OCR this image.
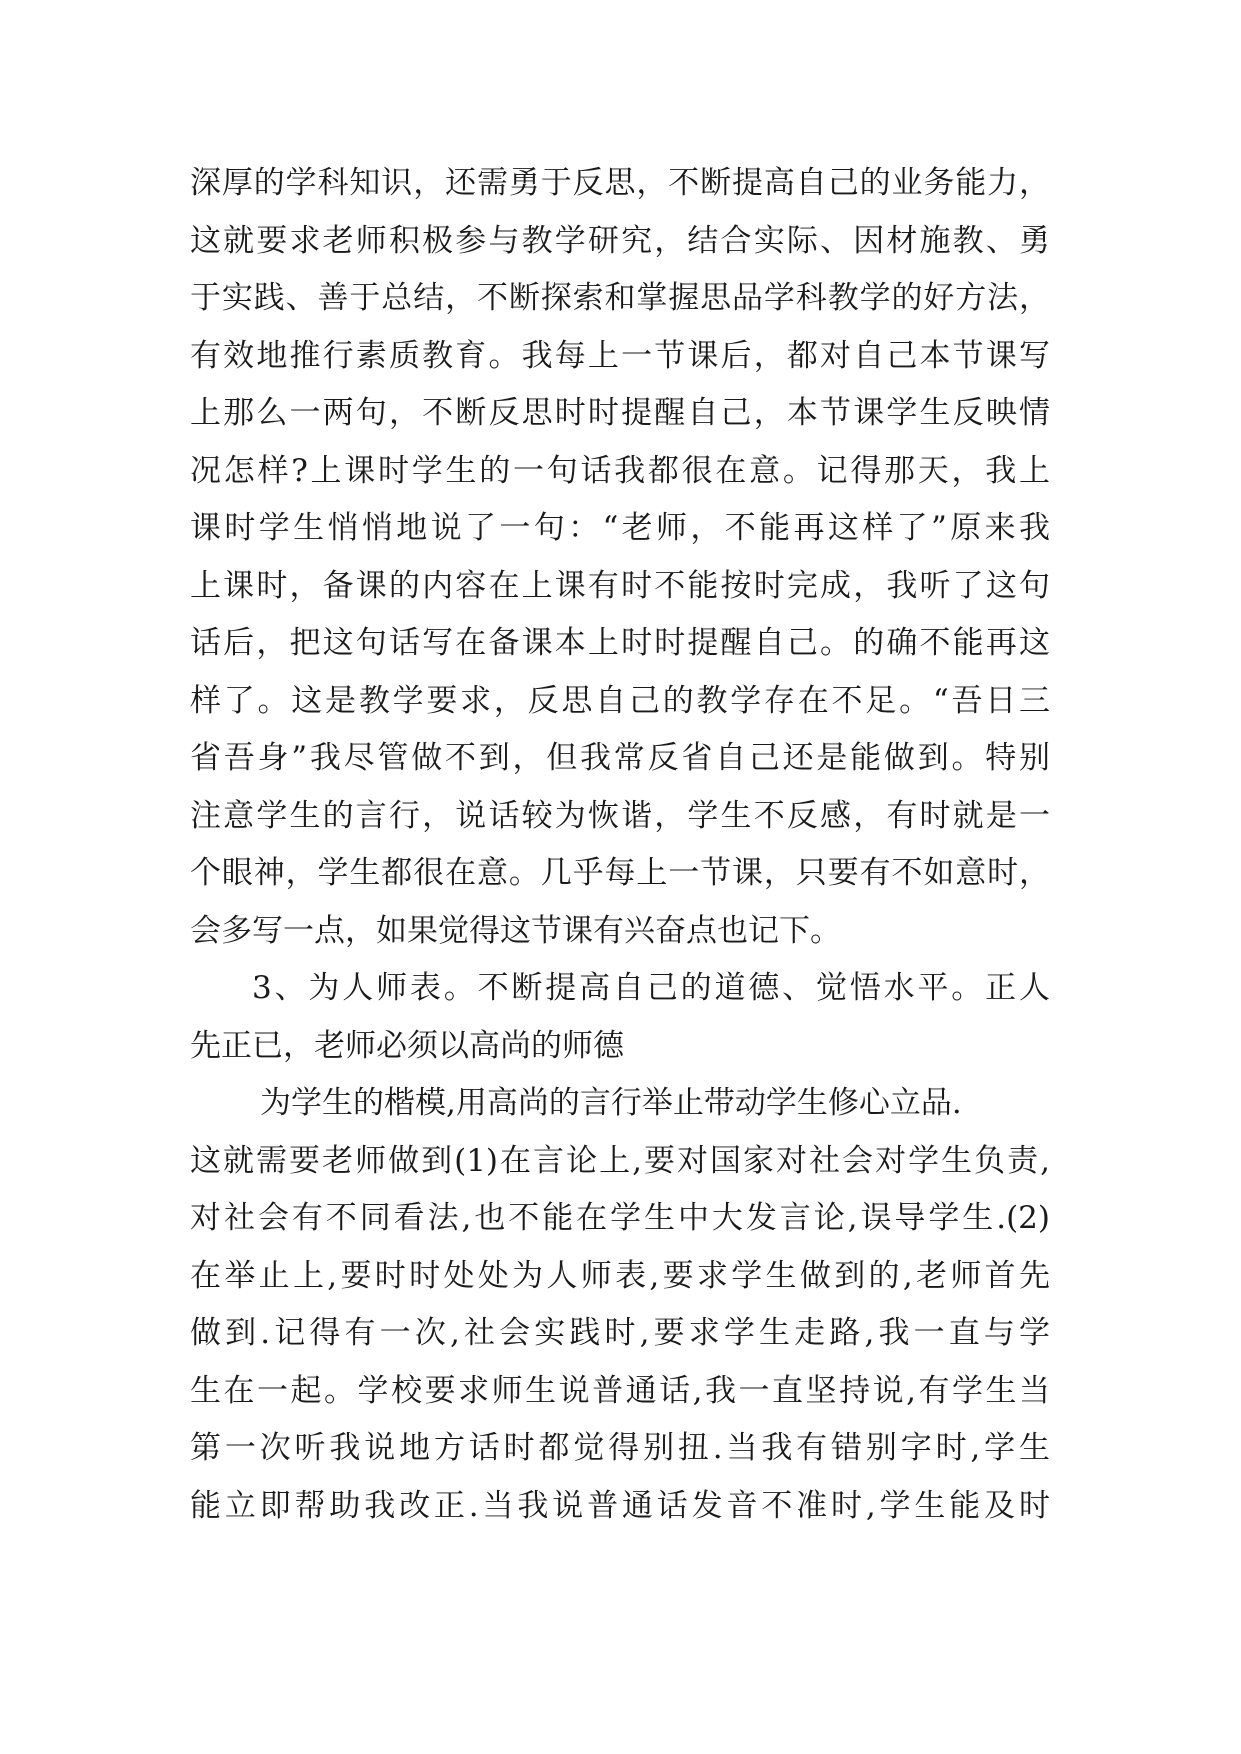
深厚的学科知识，还需勇于反思，不断提高自己的业务能力，
这就要求老师积极参与教学研究，结合实际、因材施教、勇
于实践、善于总结，不断探索和掌握思品学科教学的好方法，
有效地推行素质教育。我每上一节课后，都对自己本节课写
上那么一两句，不断反思时时提醒自己，本节课学生反映情
况怎样?上课时学生的一句话我都很在意。记得那天，我上
课时学生悄悄地说了一句：“老师，不能再这样了”原来我
上课时，备课的内容在上课有时不能按时完成，我听了这句
话后，把这句话写在备课本上时时提醒自己。的确不能再这
样了。这是教学要求，反思自己的教学存在不足。“吾日三
省吾身”我尽管做不到，但我常反省自己还是能做到。特别
注意学生的言行，说话较为恢谐，学生不反感，有时就是一
个眼神，学生都很在意。几乎每上一节课，只要有不如意时，
会多写一点，如果觉得这节课有兴奋点也记下。
3、为人师表。不断提高自己的道德、觉悟水平。正人
先正已，老师必须以高尚的师德
为学生的楷模,用高尚的言行举止带动学生修心立品.
这就需要老师做到(1)在言论上,要对国家对社会对学生负责,
对社会有不同看法,也不能在学生中大发言论,误导学生.(2)
在举止上,要时时处处为人师表,要求学生做到的,老师首先
做到.记得有一次,社会实践时,要求学生走路,我一直与学
生在一起。学校要求师生说普通话,我一直坚持说,有学生当
第一次听我说地方话时都觉得别扭.当我有错别字时,学生
能立即帮助我改正.当我说普通话发音不准时,学生能及时
